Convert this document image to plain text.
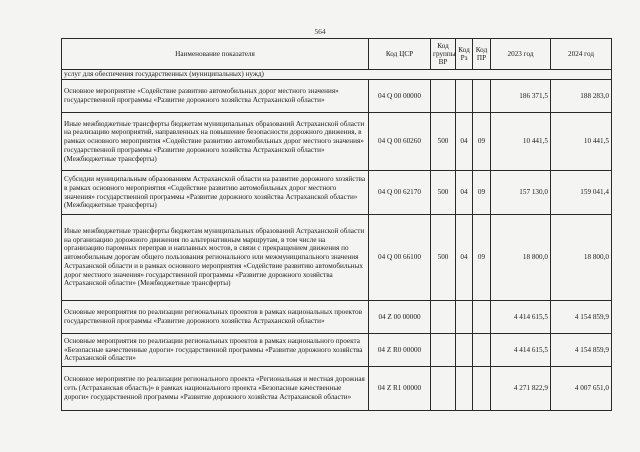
564
Наименование показателя	Код ЦСР	Код группы ВР	Код Рз	Код ПР	2023 год	2024 год
услуг для обеспечения государственных (муниципальных) нужд)						
Основное мероприятие «Содействие развитию автомобильных дорог местного значения» государственной программы «Развитие дорожного хозяйства Астраханской области»	04 Q 00 00000				186 371,5	188 283,0
Иные межбюджетные трансферты бюджетам муниципальных образований Астраханской области на реализацию мероприятий, направленных на повышение безопасности дорожного движения, в рамках основного мероприятия «Содействие развитию автомобильных дорог местного значения» государственной программы «Развитие дорожного хозяйства Астраханской области» (Межбюджетные трансферты)	04 Q 00 60260	500	04	09	10 441,5	10 441,5
Субсидии муниципальным образованиям Астраханской области на развитие дорожного хозяйства в рамках основного мероприятия «Содействие развитию автомобильных дорог местного значения» государственной программы «Развитие дорожного хозяйства Астраханской области» (Межбюджетные трансферты)	04 Q 00 62170	500	04	09	157 130,0	159 041,4
Иные межбюджетные трансферты бюджетам муниципальных образований Астраханской области на организацию дорожного движения по альтернативным маршрутам, в том числе на организацию паромных переправ и наплавных мостов, в связи с прекращением движения по автомобильным дорогам общего пользования регионального или межмуниципального значения Астраханской области и в рамках основного мероприятия «Содействие развитию автомобильных дорог местного значения» государственной программы «Развитие дорожного хозяйства Астраханской области» (Межбюджетные трансферты)	04 Q 00 66100	500	04	09	18 800,0	18 800,0
Основные мероприятия по реализации региональных проектов в рамках национальных проектов государственной программы «Развитие дорожного хозяйства Астраханской области»	04 Z 00 00000				4 414 615,5	4 154 859,9
Основные мероприятия по реализации региональных проектов в рамках национального проекта «Безопасные качественные дороги» государственной программы «Развитие дорожного хозяйства Астраханской области»	04 Z R0 00000				4 414 615,5	4 154 859,9
Основное мероприятие по реализации регионального проекта «Региональная и местная дорожная сеть (Астраханская область)» в рамках национального проекта «Безопасные качественные дороги» государственной программы «Развитие дорожного хозяйства Астраханской области»	04 Z R1 00000				4 271 822,9	4 007 651,0
